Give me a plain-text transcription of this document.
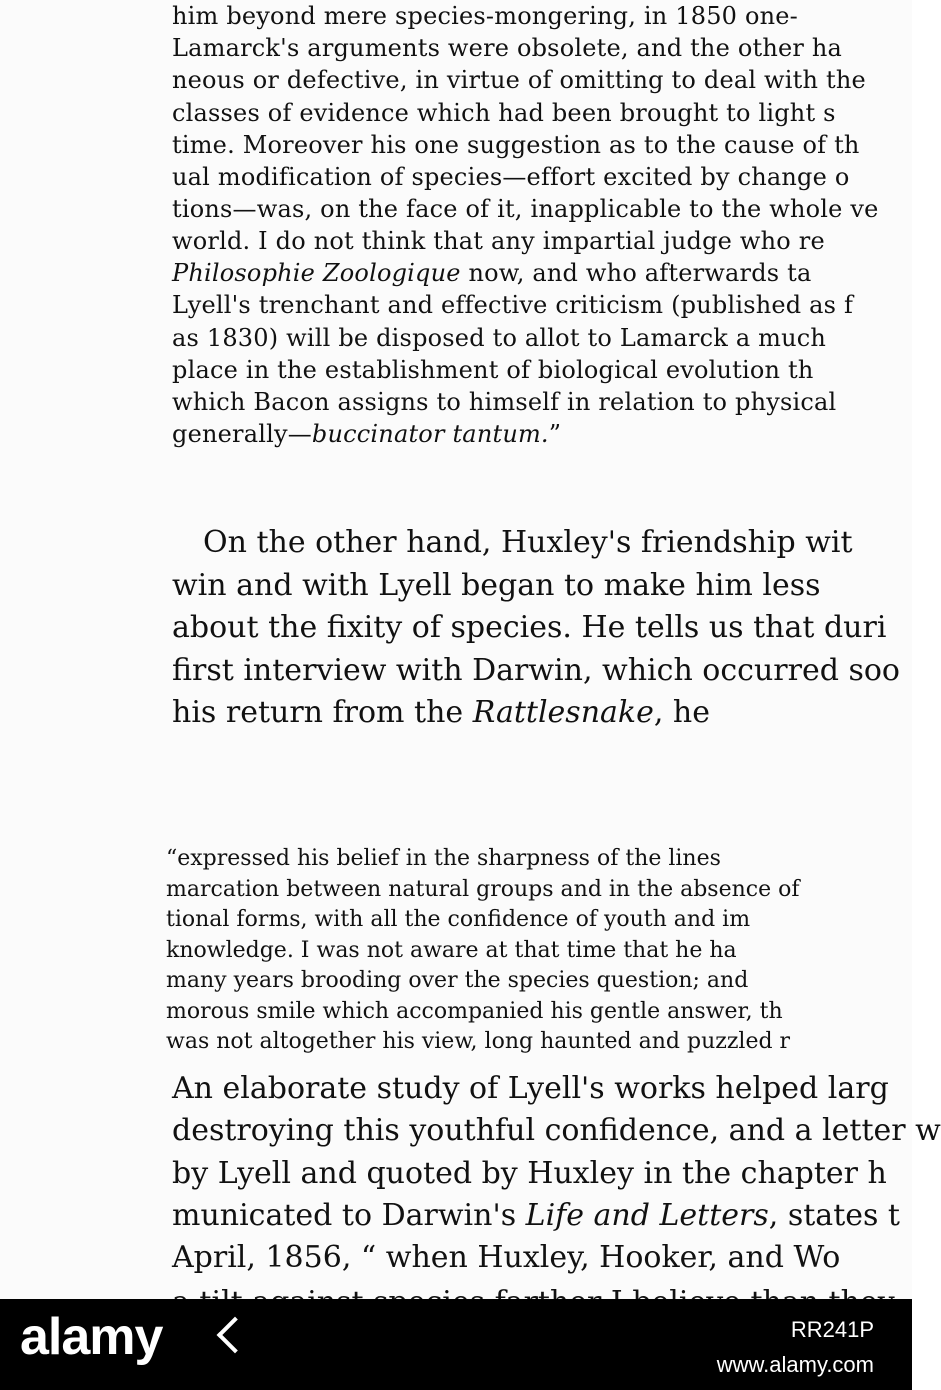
him beyond mere species-mongering, in 1850 one-
Lamarck's arguments were obsolete, and the other ha
neous or defective, in virtue of omitting to deal with the
classes of evidence which had been brought to light s
time. Moreover his one suggestion as to the cause of th
ual modification of species—effort excited by change o
tions—was, on the face of it, inapplicable to the whole ve
world. I do not think that any impartial judge who re
Philosophie Zoologique now, and who afterwards ta
Lyell's trenchant and effective criticism (published as f
as 1830) will be disposed to allot to Lamarck a much
place in the establishment of biological evolution th
which Bacon assigns to himself in relation to physical
generally—buccinator tantum.”
On the other hand, Huxley's friendship wit
win and with Lyell began to make him less
about the fixity of species. He tells us that duri
first interview with Darwin, which occurred soo
his return from the Rattlesnake, he
“expressed his belief in the sharpness of the lines
marcation between natural groups and in the absence of
tional forms, with all the confidence of youth and im
knowledge. I was not aware at that time that he ha
many years brooding over the species question; and
morous smile which accompanied his gentle answer, th
was not altogether his view, long haunted and puzzled r
An elaborate study of Lyell's works helped larg
destroying this youthful confidence, and a letter w
by Lyell and quoted by Huxley in the chapter h
municated to Darwin's Life and Letters, states t
April, 1856, “ when Huxley, Hooker, and Wo
alamy	RR241P
www.alamy.com
